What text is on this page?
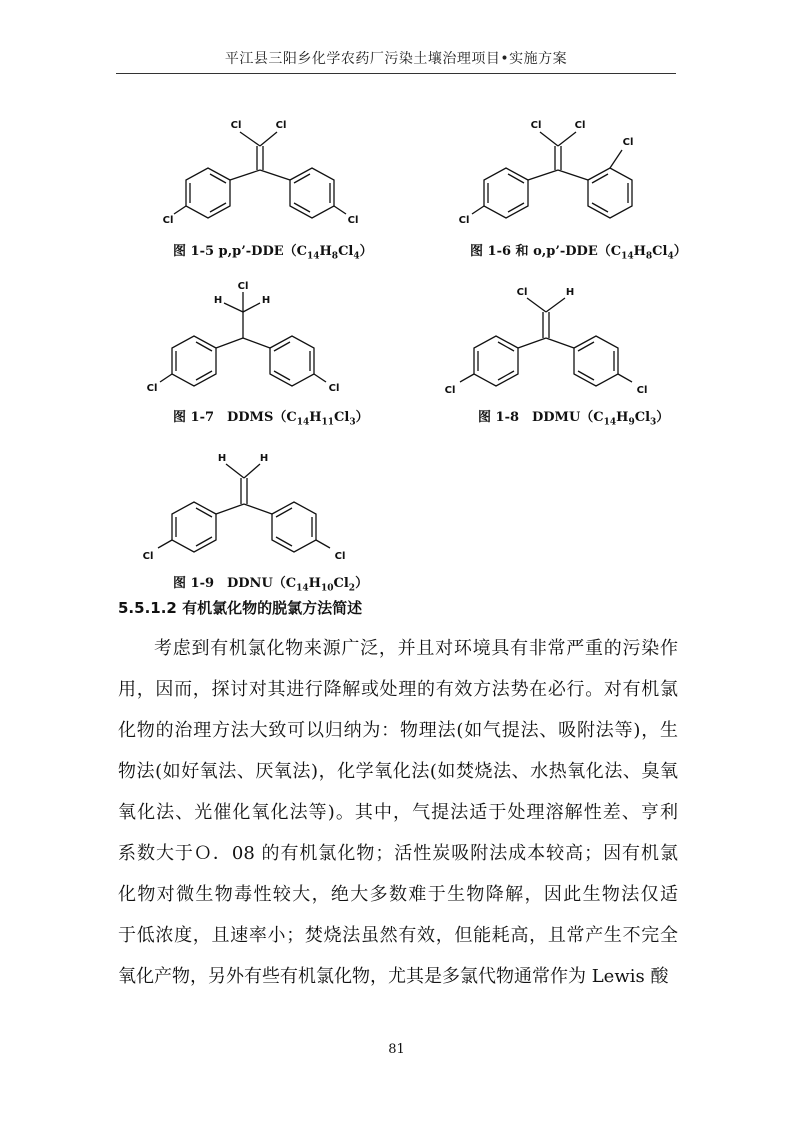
平江县三阳乡化学农药厂污染土壤治理项目•实施方案
Cl	Cl
Cl	Cl
图 1-5 $p,p’-DDE(C_{14}H_8Cl_4)$
Cl	Cl
Cl
Cl
图 1-6 和 $o,p’-DDE(C_{14}H_8Cl_4)$
Cl
H	H
Cl	Cl
图 1-7　$DDMS(C_{14}H_{11}Cl_3)$
Cl	H
Cl	Cl
图 1-8　$DDMU(C_{14}H_9Cl_3)$
H	H
Cl	Cl
图 1-9　$DDNU(C_{14}H_{10}Cl_2)$
5.5.1.2 有机氯化物的脱氯方法简述
考虑到有机氯化物来源广泛，并且对环境具有非常严重的污染作
用，因而，探讨对其进行降解或处理的有效方法势在必行。对有机氯
化物的治理方法大致可以归纳为：物理法(如气提法、吸附法等)，生
物法(如好氧法、厌氧法)，化学氧化法(如焚烧法、水热氧化法、臭氧
氧化法、光催化氧化法等)。其中，气提法适于处理溶解性差、亨利
系数大于Ｏ．08 的有机氯化物；活性炭吸附法成本较高；因有机氯
化物对微生物毒性较大，绝大多数难于生物降解，因此生物法仅适
于低浓度，且速率小；焚烧法虽然有效，但能耗高，且常产生不完全
氧化产物，另外有些有机氯化物，尤其是多氯代物通常作为 Lewis 酸
81
